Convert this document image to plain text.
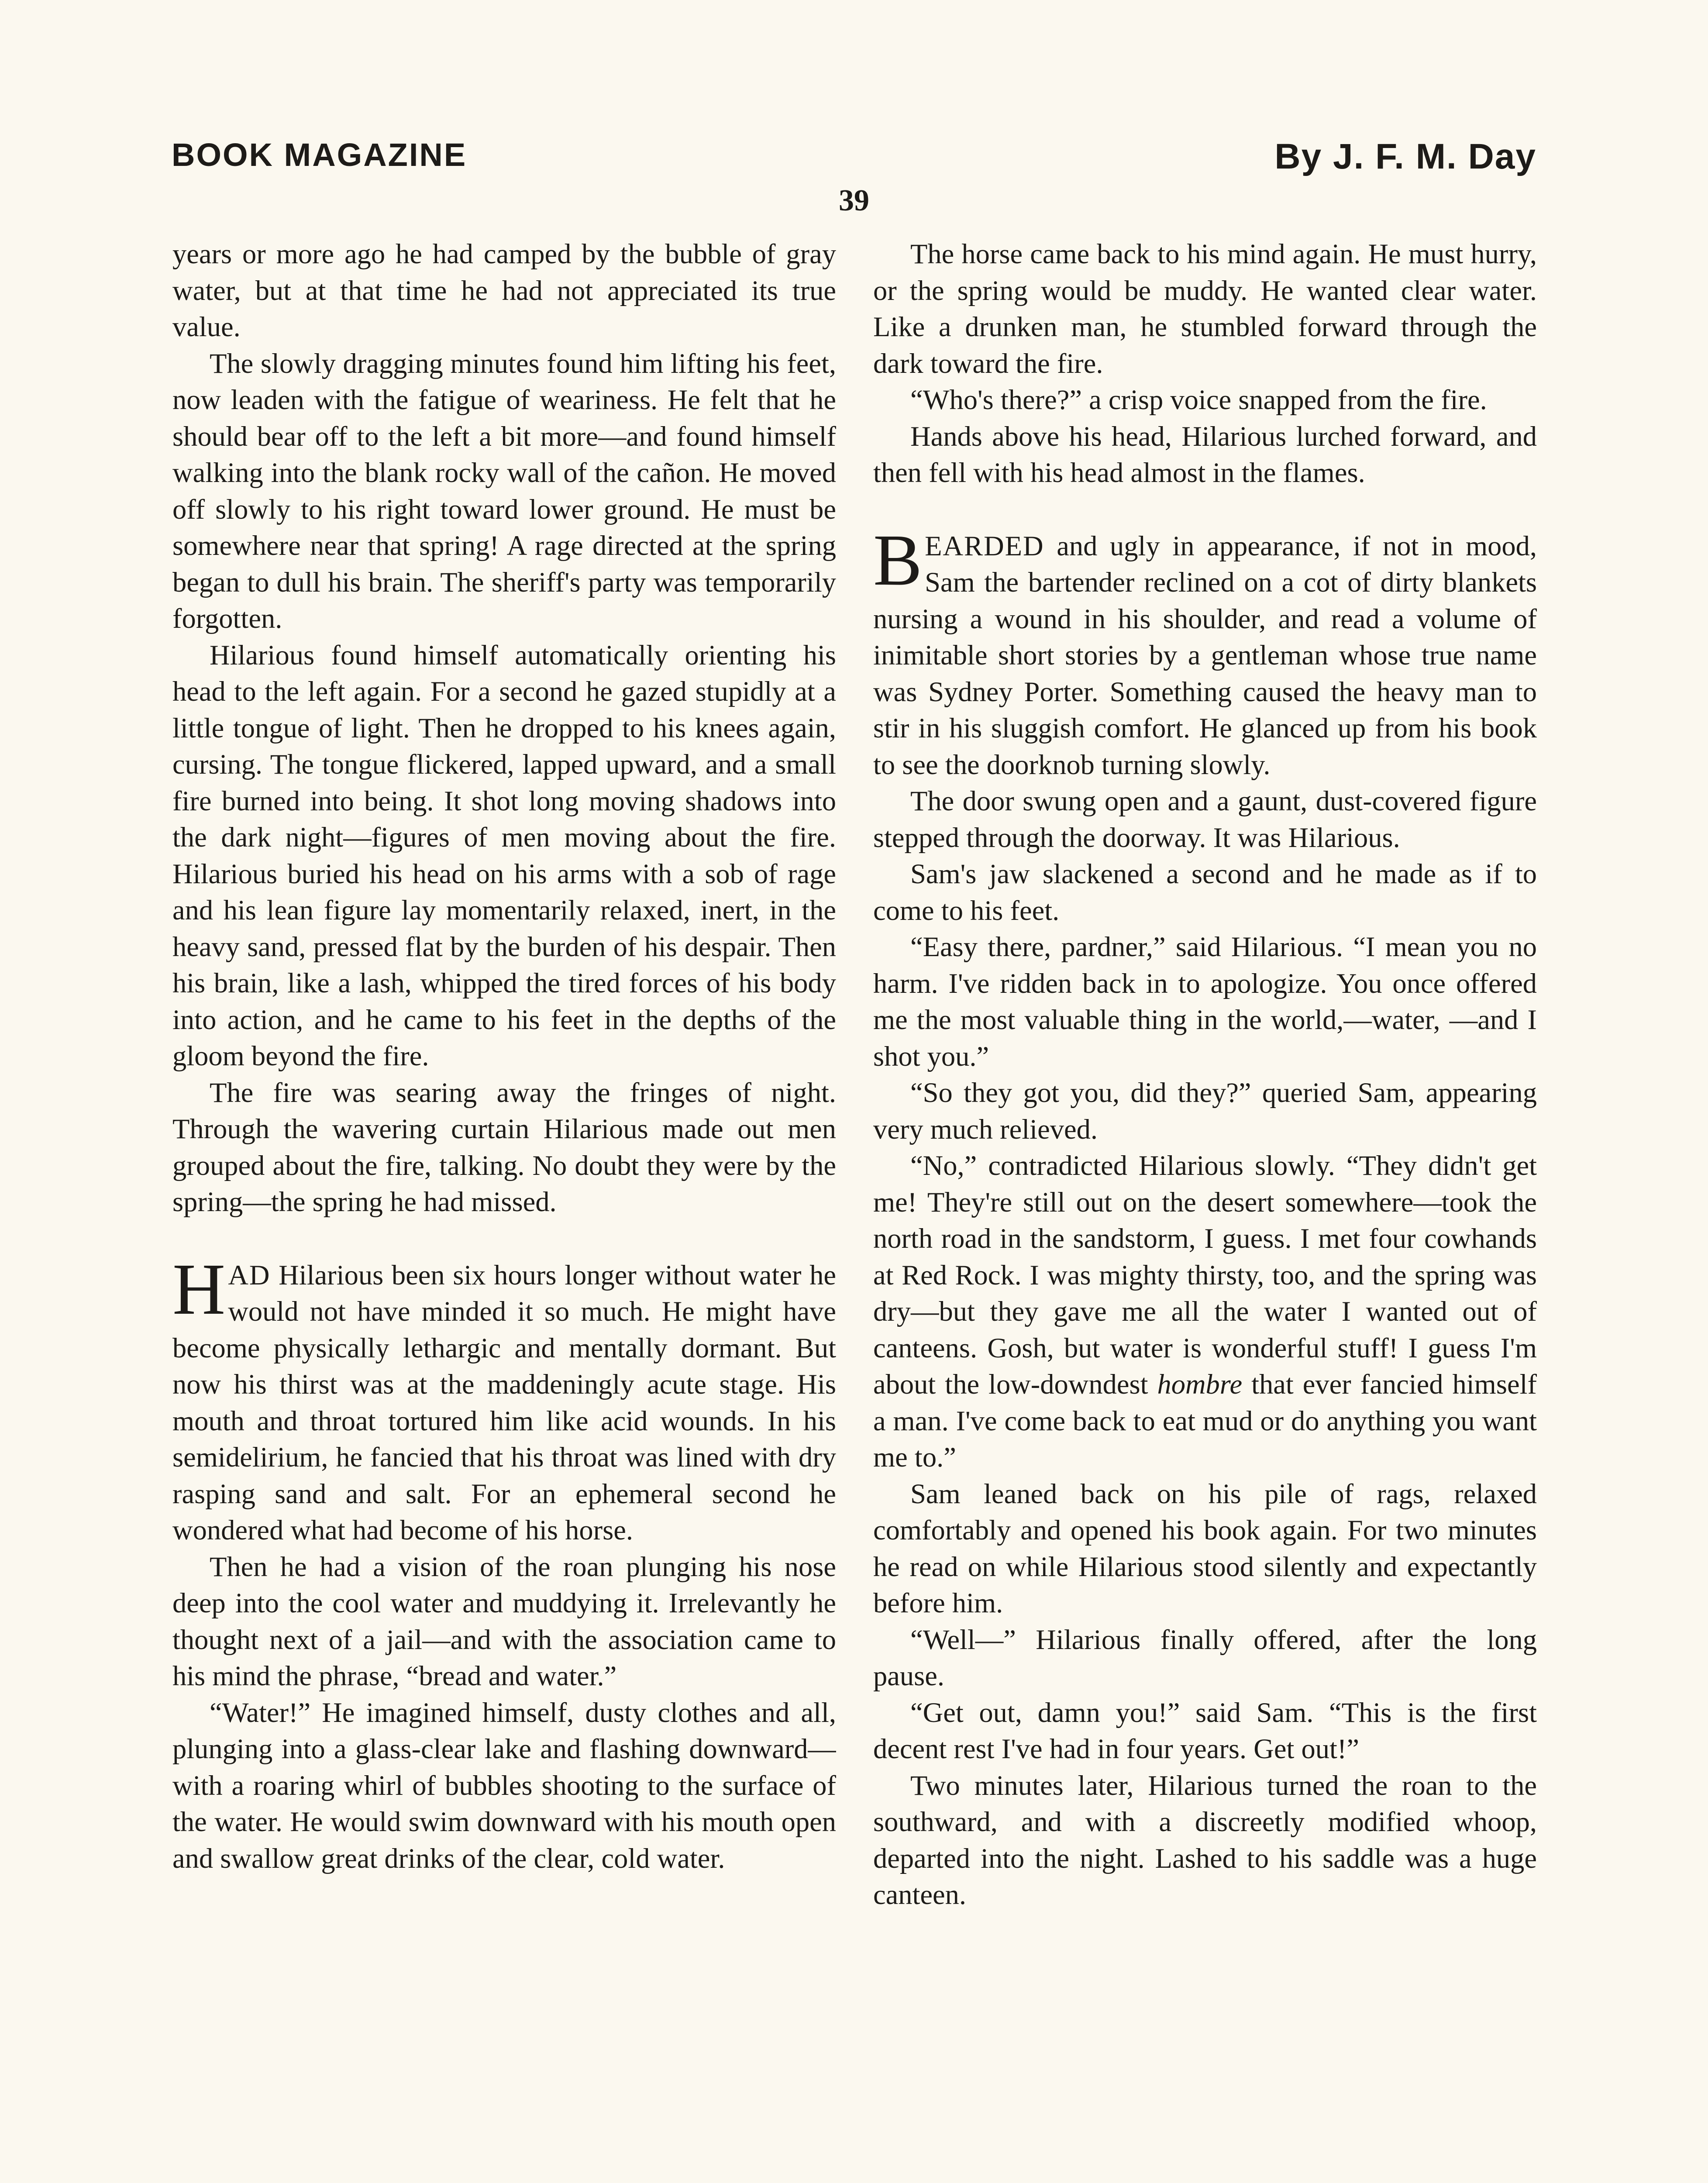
BOOK MAGAZINE	By J. F. M. Day
39

years or more ago he had camped by the bubble of gray water, but at that time he had not appreciated its true value.

The slowly dragging minutes found him lifting his feet, now leaden with the fatigue of weariness. He felt that he should bear off to the left a bit more—and found himself walking into the blank rocky wall of the cañon. He moved off slowly to his right toward lower ground. He must be somewhere near that spring! A rage directed at the spring began to dull his brain. The sheriff's party was temporarily forgotten.

Hilarious found himself automatically orienting his head to the left again. For a second he gazed stupidly at a little tongue of light. Then he dropped to his knees again, cursing. The tongue flickered, lapped upward, and a small fire burned into being. It shot long moving shadows into the dark night—figures of men moving about the fire. Hilarious buried his head on his arms with a sob of rage and his lean figure lay momentarily relaxed, inert, in the heavy sand, pressed flat by the burden of his despair. Then his brain, like a lash, whipped the tired forces of his body into action, and he came to his feet in the depths of the gloom beyond the fire.

The fire was searing away the fringes of night. Through the wavering curtain Hilarious made out men grouped about the fire, talking. No doubt they were by the spring—the spring he had missed.

HAD Hilarious been six hours longer without water he would not have minded it so much. He might have become physically lethargic and mentally dormant. But now his thirst was at the maddeningly acute stage. His mouth and throat tortured him like acid wounds. In his semidelirium, he fancied that his throat was lined with dry rasping sand and salt. For an ephemeral second he wondered what had become of his horse.

Then he had a vision of the roan plunging his nose deep into the cool water and muddying it. Irrelevantly he thought next of a jail—and with the association came to his mind the phrase, “bread and water.”

“Water!” He imagined himself, dusty clothes and all, plunging into a glass-clear lake and flashing downward—with a roaring whirl of bubbles shooting to the surface of the water. He would swim downward with his mouth open and swallow great drinks of the clear, cold water.

The horse came back to his mind again. He must hurry, or the spring would be muddy. He wanted clear water. Like a drunken man, he stumbled forward through the dark toward the fire.

“Who's there?” a crisp voice snapped from the fire.

Hands above his head, Hilarious lurched forward, and then fell with his head almost in the flames.

BEARDED and ugly in appearance, if not in mood, Sam the bartender reclined on a cot of dirty blankets nursing a wound in his shoulder, and read a volume of inimitable short stories by a gentleman whose true name was Sydney Porter. Something caused the heavy man to stir in his sluggish comfort. He glanced up from his book to see the doorknob turning slowly.

The door swung open and a gaunt, dust-covered figure stepped through the doorway. It was Hilarious.

Sam's jaw slackened a second and he made as if to come to his feet.

“Easy there, pardner,” said Hilarious. “I mean you no harm. I've ridden back in to apologize. You once offered me the most valuable thing in the world,—water, —and I shot you.”

“So they got you, did they?” queried Sam, appearing very much relieved.

“No,” contradicted Hilarious slowly. “They didn't get me! They're still out on the desert somewhere—took the north road in the sandstorm, I guess. I met four cowhands at Red Rock. I was mighty thirsty, too, and the spring was dry—but they gave me all the water I wanted out of canteens. Gosh, but water is wonderful stuff! I guess I'm about the low-downdest hombre that ever fancied himself a man. I've come back to eat mud or do anything you want me to.”

Sam leaned back on his pile of rags, relaxed comfortably and opened his book again. For two minutes he read on while Hilarious stood silently and expectantly before him.

“Well—” Hilarious finally offered, after the long pause.

“Get out, damn you!” said Sam. “This is the first decent rest I've had in four years. Get out!”

Two minutes later, Hilarious turned the roan to the southward, and with a discreetly modified whoop, departed into the night. Lashed to his saddle was a huge canteen.
